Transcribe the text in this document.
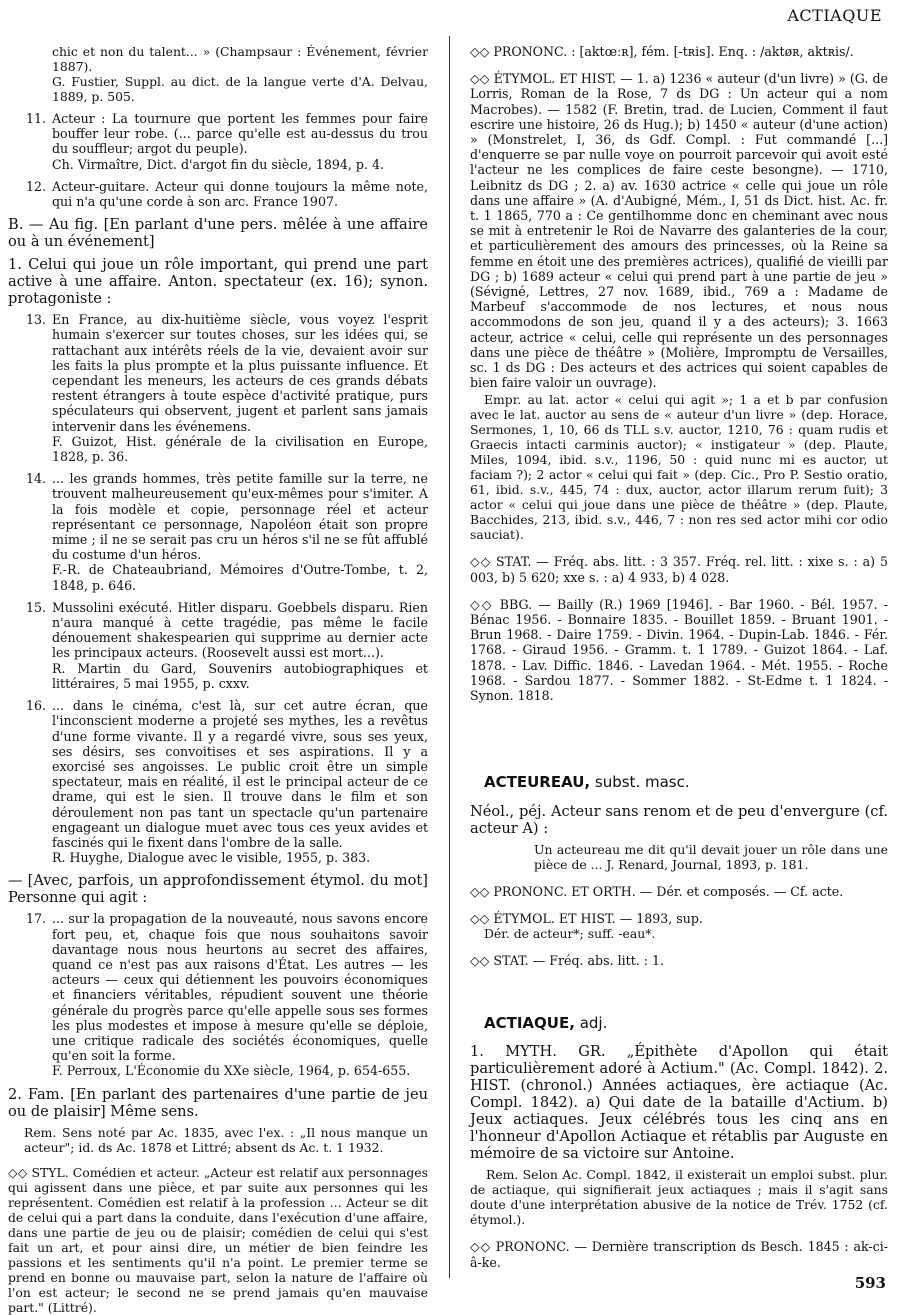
ACTIAQUE

chic et non du talent... » (Champsaur : Événement, février 1887).

G. Fustier, Suppl. au dict. de la langue verte d'A. Delvau, 1889, p. 505.

11. Acteur : La tournure que portent les femmes pour faire bouffer leur robe. (... parce qu'elle est au-dessus du trou du souffleur; argot du peuple).

Ch. Virmaître, Dict. d'argot fin du siècle, 1894, p. 4.

12. Acteur-guitare. Acteur qui donne toujours la même note, qui n'a qu'une corde à son arc. France 1907.

B. — Au fig. [En parlant d'une pers. mêlée à une affaire ou à un événement]

1. Celui qui joue un rôle important, qui prend une part active à une affaire. Anton. spectateur (ex. 16); synon. protagoniste :

13. En France, au dix-huitième siècle, vous voyez l'esprit humain s'exercer sur toutes choses, sur les idées qui, se rattachant aux intérêts réels de la vie, devaient avoir sur les faits la plus prompte et la plus puissante influence. Et cependant les meneurs, les acteurs de ces grands débats restent étrangers à toute espèce d'activité pratique, purs spéculateurs qui observent, jugent et parlent sans jamais intervenir dans les événemens.

F. Guizot, Hist. générale de la civilisation en Europe, 1828, p. 36.

14. ... les grands hommes, très petite famille sur la terre, ne trouvent malheureusement qu'eux-mêmes pour s'imiter. A la fois modèle et copie, personnage réel et acteur représentant ce personnage, Napoléon était son propre mime ; il ne se serait pas cru un héros s'il ne se fût affublé du costume d'un héros.

F.-R. de Chateaubriand, Mémoires d'Outre-Tombe, t. 2, 1848, p. 646.

15. Mussolini exécuté. Hitler disparu. Goebbels disparu. Rien n'aura manqué à cette tragédie, pas même le facile dénouement shakespearien qui supprime au dernier acte les principaux acteurs. (Roosevelt aussi est mort...).

R. Martin du Gard, Souvenirs autobiographiques et littéraires, 5 mai 1955, p. cxxv.

16. ... dans le cinéma, c'est là, sur cet autre écran, que l'inconscient moderne a projeté ses mythes, les a revêtus d'une forme vivante. Il y a regardé vivre, sous ses yeux, ses désirs, ses convoitises et ses aspirations. Il y a exorcisé ses angoisses. Le public croit être un simple spectateur, mais en réalité, il est le principal acteur de ce drame, qui est le sien. Il trouve dans le film et son déroulement non pas tant un spectacle qu'un partenaire engageant un dialogue muet avec tous ces yeux avides et fascinés qui le fixent dans l'ombre de la salle.

R. Huyghe, Dialogue avec le visible, 1955, p. 383.

— [Avec, parfois, un approfondissement étymol. du mot] Personne qui agit :

17. ... sur la propagation de la nouveauté, nous savons encore fort peu, et, chaque fois que nous souhaitons savoir davantage nous nous heurtons au secret des affaires, quand ce n'est pas aux raisons d'État. Les autres — les acteurs — ceux qui détiennent les pouvoirs économiques et financiers véritables, répudient souvent une théorie générale du progrès parce qu'elle appelle sous ses formes les plus modestes et impose à mesure qu'elle se déploie, une critique radicale des sociétés économiques, quelle qu'en soit la forme.

F. Perroux, L'Économie du XXe siècle, 1964, p. 654-655.

2. Fam. [En parlant des partenaires d'une partie de jeu ou de plaisir] Même sens.

Rem. Sens noté par Ac. 1835, avec l'ex. : „Il nous manque un acteur"; id. ds Ac. 1878 et Littré; absent ds Ac. t. 1 1932.

◇◇ STYL. Comédien et acteur. „Acteur est relatif aux personnages qui agissent dans une pièce, et par suite aux personnes qui les représentent. Comédien est relatif à la profession ... Acteur se dit de celui qui a part dans la conduite, dans l'exécution d'une affaire, dans une partie de jeu ou de plaisir; comédien de celui qui s'est fait un art, et pour ainsi dire, un métier de bien feindre les passions et les sentiments qu'il n'a point. Le premier terme se prend en bonne ou mauvaise part, selon la nature de l'affaire où l'on est acteur; le second ne se prend jamais qu'en mauvaise part." (Littré).

◇◇ PRONONC. : [aktœːʀ], fém. [-tʀis]. Enq. : /aktøʀ, aktʀis/.

◇◇ ÉTYMOL. ET HIST. — 1. a) 1236 « auteur (d'un livre) » (G. de Lorris, Roman de la Rose, 7 ds DG : Un acteur qui a nom Macrobes). — 1582 (F. Bretin, trad. de Lucien, Comment il faut escrire une histoire, 26 ds Hug.); b) 1450 « auteur (d'une action) » (Monstrelet, I, 36, ds Gdf. Compl. : Fut commandé [...] d'enquerre se par nulle voye on pourroit parcevoir qui avoit esté l'acteur ne les complices de faire ceste besongne). — 1710, Leibnitz ds DG ; 2. a) av. 1630 actrice « celle qui joue un rôle dans une affaire » (A. d'Aubigné, Mém., I, 51 ds Dict. hist. Ac. fr. t. 1 1865, 770 a : Ce gentilhomme donc en cheminant avec nous se mit à entretenir le Roi de Navarre des galanteries de la cour, et particulièrement des amours des princesses, où la Reine sa femme en étoit une des premières actrices), qualifié de vieilli par DG ; b) 1689 acteur « celui qui prend part à une partie de jeu » (Sévigné, Lettres, 27 nov. 1689, ibid., 769 a : Madame de Marbeuf s'accommode de nos lectures, et nous nous accommodons de son jeu, quand il y a des acteurs); 3. 1663 acteur, actrice « celui, celle qui représente un des personnages dans une pièce de théâtre » (Molière, Impromptu de Versailles, sc. 1 ds DG : Des acteurs et des actrices qui soient capables de bien faire valoir un ouvrage).

Empr. au lat. actor « celui qui agit »; 1 a et b par confusion avec le lat. auctor au sens de « auteur d'un livre » (dep. Horace, Sermones, 1, 10, 66 ds TLL s.v. auctor, 1210, 76 : quam rudis et Graecis intacti carminis auctor); « instigateur » (dep. Plaute, Miles, 1094, ibid. s.v., 1196, 50 : quid nunc mi es auctor, ut faciam ?); 2 actor « celui qui fait » (dep. Cic., Pro P. Sestio oratio, 61, ibid. s.v., 445, 74 : dux, auctor, actor illarum rerum fuit); 3 actor « celui qui joue dans une pièce de théâtre » (dep. Plaute, Bacchides, 213, ibid. s.v., 446, 7 : non res sed actor mihi cor odio sauciat).

◇◇ STAT. — Fréq. abs. litt. : 3 357. Fréq. rel. litt. : xixe s. : a) 5 003, b) 5 620; xxe s. : a) 4 933, b) 4 028.

◇◇ BBG. — Bailly (R.) 1969 [1946]. - Bar 1960. - Bél. 1957. - Bénac 1956. - Bonnaire 1835. - Bouillet 1859. - Bruant 1901. - Brun 1968. - Daire 1759. - Divin. 1964. - Dupin-Lab. 1846. - Fér. 1768. - Giraud 1956. - Gramm. t. 1 1789. - Guizot 1864. - Laf. 1878. - Lav. Diffic. 1846. - Lavedan 1964. - Mét. 1955. - Roche 1968. - Sardou 1877. - Sommer 1882. - St-Edme t. 1 1824. - Synon. 1818.

ACTEUREAU, subst. masc.

Néol., péj. Acteur sans renom et de peu d'envergure (cf. acteur A) :

Un acteureau me dit qu'il devait jouer un rôle dans une pièce de ... J. Renard, Journal, 1893, p. 181.

◇◇ PRONONC. ET ORTH. — Dér. et composés. — Cf. acte.

◇◇ ÉTYMOL. ET HIST. — 1893, sup.

Dér. de acteur*; suff. -eau*.

◇◇ STAT. — Fréq. abs. litt. : 1.

ACTIAQUE, adj.

1. MYTH. GR. „Épithète d'Apollon qui était particulièrement adoré à Actium." (Ac. Compl. 1842). 2. HIST. (chronol.) Années actiaques, ère actiaque (Ac. Compl. 1842). a) Qui date de la bataille d'Actium. b) Jeux actiaques. Jeux célébrés tous les cinq ans en l'honneur d'Apollon Actiaque et rétablis par Auguste en mémoire de sa victoire sur Antoine.

Rem. Selon Ac. Compl. 1842, il existerait un emploi subst. plur. de actiaque, qui signifierait jeux actiaques ; mais il s'agit sans doute d'une interprétation abusive de la notice de Trév. 1752 (cf. étymol.).

◇◇ PRONONC. — Dernière transcription ds Besch. 1845 : ak-ci-â-ke.

593
